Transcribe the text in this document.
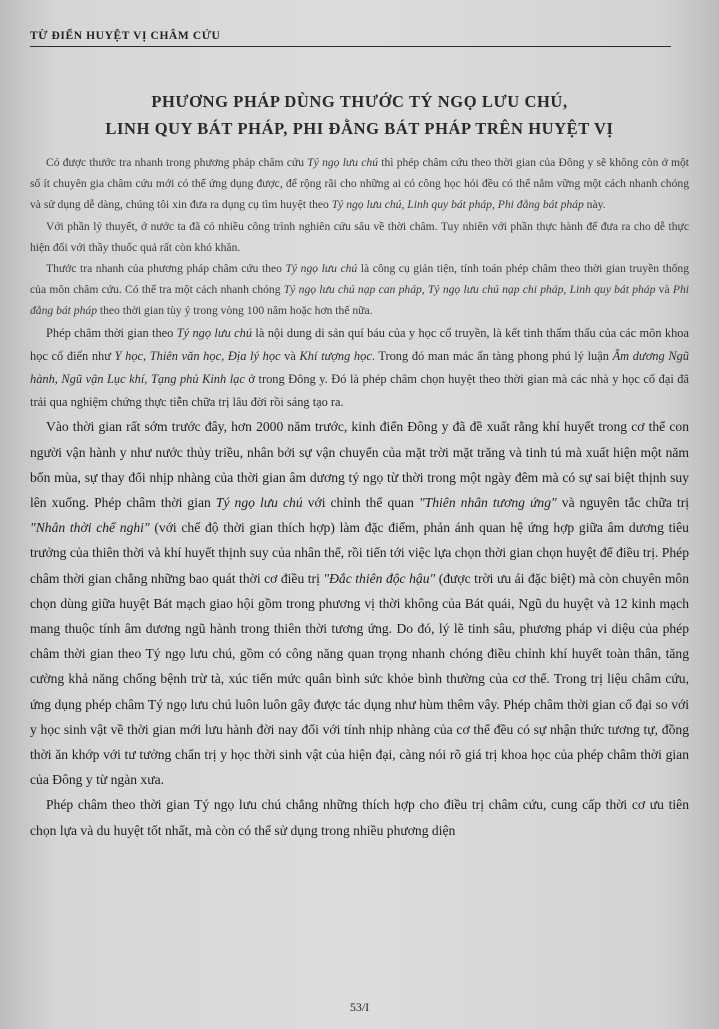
TỪ ĐIỂN HUYỆT VỊ CHÂM CỨU
PHƯƠNG PHÁP DÙNG THƯỚC TÝ NGỌ LƯU CHÚ,
LINH QUY BÁT PHÁP, PHI ĐẰNG BÁT PHÁP TRÊN HUYỆT VỊ

Có được thước tra nhanh trong phương pháp châm cứu Tý ngọ lưu chú thì phép châm cứu theo thời gian của Đông y sẽ không còn ở một số ít chuyên gia châm cứu mới có thể ứng dụng được, để rộng rãi cho những ai có công học hỏi đều có thể nắm vững một cách nhanh chóng và sử dụng dễ dàng, chúng tôi xin đưa ra dụng cụ tìm huyệt theo Tý ngọ lưu chú, Linh quy bát pháp, Phi đằng bát pháp này.

Với phần lý thuyết, ở nước ta đã có nhiều công trình nghiên cứu sâu về thời châm. Tuy nhiên với phần thực hành để đưa ra cho dễ thực hiện đối với thầy thuốc quả rất còn khó khăn.

Thước tra nhanh của phương pháp châm cứu theo Tý ngọ lưu chú là công cụ giản tiện, tính toán phép châm theo thời gian truyền thống của môn châm cứu. Có thể tra một cách nhanh chóng Tý ngọ lưu chú nạp can pháp, Tý ngọ lưu chú nạp chi pháp, Linh quy bát pháp và Phi đằng bát pháp theo thời gian tùy ý trong vòng 100 năm hoặc hơn thế nữa.

Phép châm thời gian theo Tý ngọ lưu chú là nội dung di sản quí báu của y học cổ truyền, là kết tinh thẩm thấu của các môn khoa học cổ điển như Y học, Thiên văn học, Địa lý học và Khí tượng học. Trong đó man mác ẩn tàng phong phú lý luận Âm dương Ngũ hành, Ngũ vận Lục khí, Tạng phủ Kinh lạc ở trong Đông y. Đó là phép châm chọn huyệt theo thời gian mà các nhà y học cổ đại đã trải qua nghiệm chứng thực tiễn chữa trị lâu đời rồi sáng tạo ra.

Vào thời gian rất sớm trước đây, hơn 2000 năm trước, kinh điển Đông y đã đề xuất rằng khí huyết trong cơ thể con người vận hành y như nước thủy triều, nhân bởi sự vận chuyển của mặt trời mặt trăng và tinh tú mà xuất hiện một năm bốn mùa, sự thay đổi nhịp nhàng của thời gian âm dương tý ngọ từ thời trong một ngày đêm mà có sự sai biệt thịnh suy lên xuống. Phép châm thời gian Tý ngọ lưu chú với chỉnh thể quan "Thiên nhân tương ứng" và nguyên tắc chữa trị "Nhân thời chế nghi" (với chế độ thời gian thích hợp) làm đặc điểm, phản ánh quan hệ ứng hợp giữa âm dương tiêu trưởng của thiên thời và khí huyết thịnh suy của nhân thể, rồi tiến tới việc lựa chọn thời gian chọn huyệt để điều trị. Phép châm thời gian chẳng những bao quát thời cơ điều trị "Đắc thiên độc hậu" (được trời ưu ái đặc biệt) mà còn chuyên môn chọn dùng giữa huyệt Bát mạch giao hội gồm trong phương vị thời không của Bát quái, Ngũ du huyệt và 12 kinh mạch mang thuộc tính âm dương ngũ hành trong thiên thời tương ứng. Do đó, lý lẽ tinh sâu, phương pháp vi diệu của phép châm thời gian theo Tý ngọ lưu chú, gồm có công năng quan trọng nhanh chóng điều chỉnh khí huyết toàn thân, tăng cường khả năng chống bệnh trừ tà, xúc tiến mức quân bình sức khỏe bình thường của cơ thể. Trong trị liệu châm cứu, ứng dụng phép châm Tý ngọ lưu chú luôn luôn gây được tác dụng như hùm thêm vây. Phép châm thời gian cổ đại so với y học sinh vật về thời gian mới lưu hành đời nay đối với tính nhịp nhàng của cơ thể đều có sự nhận thức tương tự, đồng thời ăn khớp với tư tưởng chẩn trị y học thời sinh vật của hiện đại, càng nói rõ giá trị khoa học của phép châm thời gian của Đông y từ ngàn xưa.

Phép châm theo thời gian Tý ngọ lưu chú chẳng những thích hợp cho điều trị châm cứu, cung cấp thời cơ ưu tiên chọn lựa và du huyệt tốt nhất, mà còn có thể sử dụng trong nhiều phương diện

53/I
